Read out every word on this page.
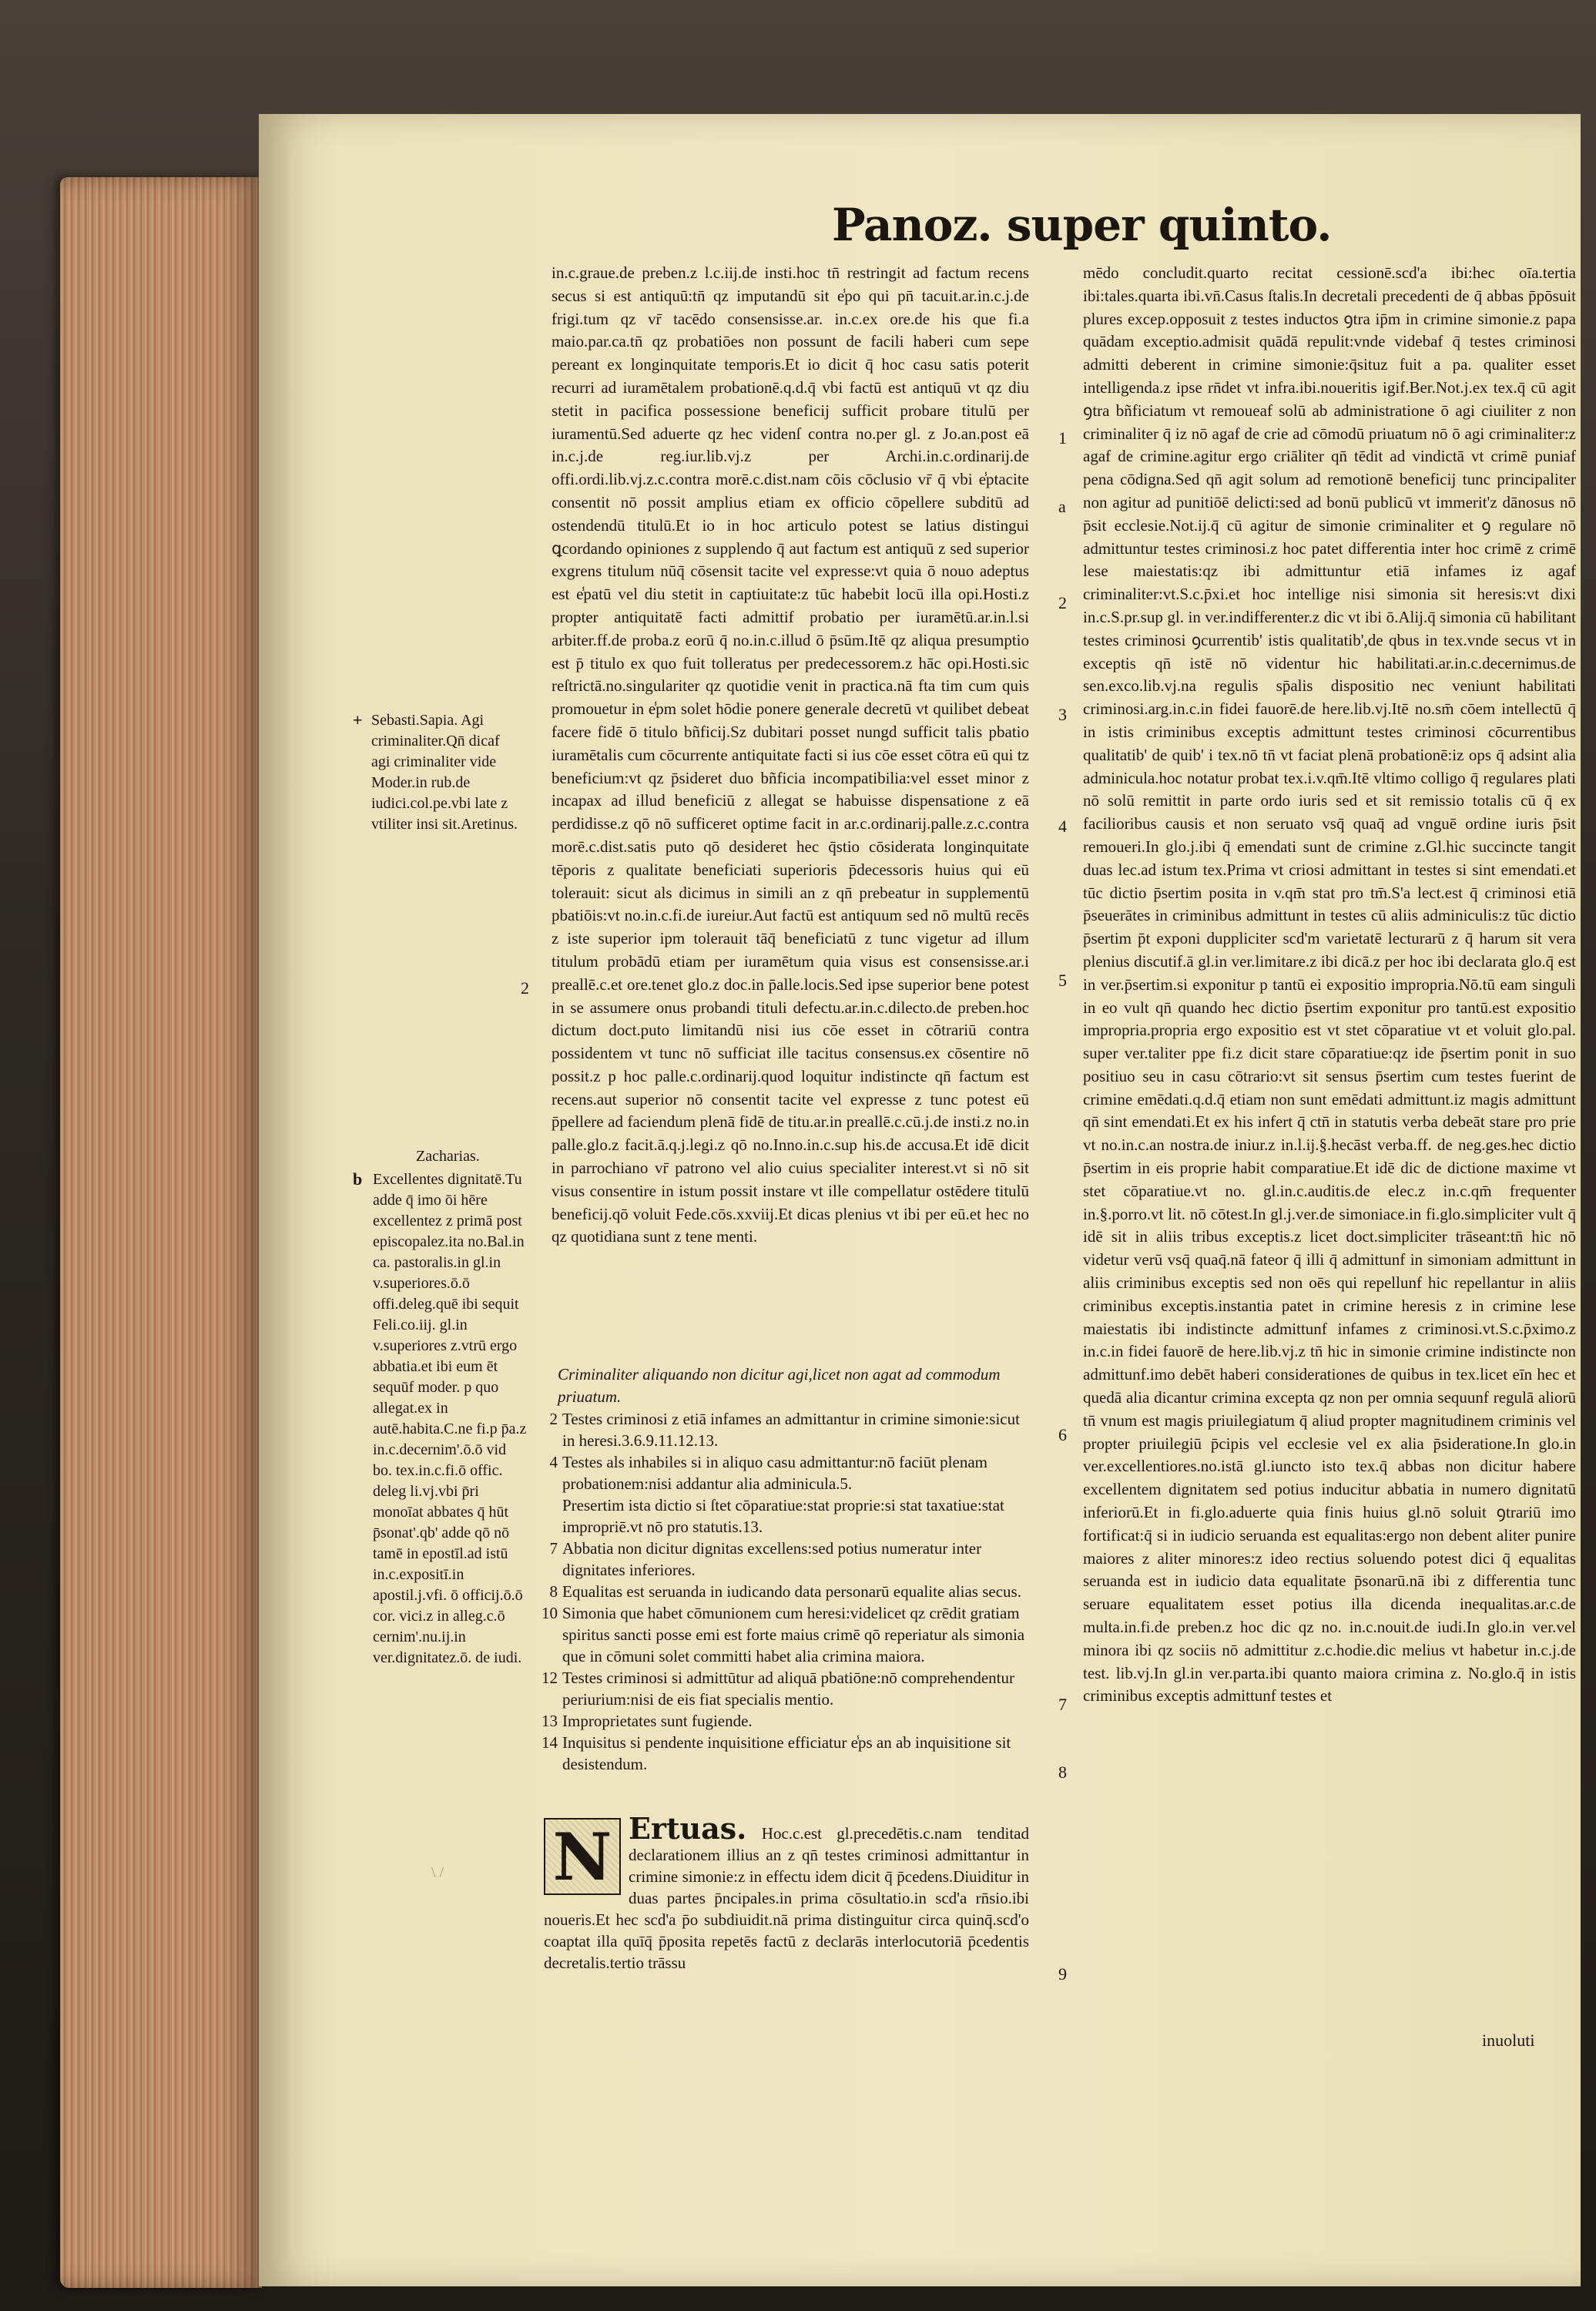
Panoz. super quinto.

in.c.graue.de preben.z l.c.iij.de insti.hoc tn̄ restringit ad factum recens secus si est antiquū:tn̄ qz imputandū sit e̾po qui pn̄ tacuit.ar.in.c.j.de frigi.tum qz vr̄ tacēdo consensisse.ar. in.c.ex ore.de his que fi.a maio.par.ca.tn̄ qz probatiōes non possunt de facili haberi cum sepe pereant ex longinquitate temporis.Et io dicit q̄ hoc casu satis poterit recurri ad iuramētalem probationē.q.d.q̄ vbi factū est antiquū vt qz diu stetit in pacifica possessione beneficij sufficit probare titulū per iuramentū.Sed aduerte qz hec videnſ contra no.per gl. z Jo.an.post eā in.c.j.de reg.iur.lib.vj.z per Archi.in.c.ordinarij.de offi.ordi.lib.vj.z.c.contra morē.c.dist.nam cōis cōclusio vr̄ q̄ vbi e̾ptacite consentit nō possit amplius etiam ex officio cōpellere subditū ad ostendendū titulū.Et io in hoc articulo potest se latius distingui ꝗcordando opiniones z supplendo q̄ aut factum est antiquū z sed superior exgrens titulum nūq̄ cōsensit tacite vel expresse:vt quia ō nouo adeptus est e̾patū vel diu stetit in captiuitate:z tūc habebit locū illa opi.Hosti.z propter antiquitatē facti admittif probatio per iuramētū.ar.in.l.si arbiter.ff.de proba.z eorū q̄ no.in.c.illud ō p̄sūm.Itē qz aliqua presumptio est p̄ titulo ex quo fuit tolleratus per predecessorem.z hāc opi.Hosti.sic reſtrictā.no.singulariter qz quotidie venit in practica.nā fta tim cum quis promouetur in e̾pm solet hōdie ponere generale decretū vt quilibet debeat facere fidē ō titulo bñficij.Sz dubitari posset nungd sufficit talis pbatio iuramētalis cum cōcurrente antiquitate facti si ius cōe esset cōtra eū qui tz beneficium:vt qz p̄sideret duo bñficia incompatibilia:vel esset minor z incapax ad illud beneficiū z allegat se habuisse dispensatione z eā perdidisse.z qō nō sufficeret optime facit in ar.c.ordinarij.palle.z.c.contra morē.c.dist.satis puto qō desideret hec q̄stio cōsiderata longinquitate tēporis z qualitate beneficiati superioris p̄decessoris huius qui eū tolerauit: sicut als dicimus in simili an z qn̄ prebeatur in supplementū pbatiōis:vt no.in.c.fi.de iureiur.Aut factū est antiquum sed nō multū recēs z iste superior ipm tolerauit tāq̄ beneficiatū z tunc vigetur ad illum titulum probādū etiam per iuramētum quia visus est consensisse.ar.i preallē.c.et ore.tenet glo.z doc.in p̄alle.locis.Sed ipse superior bene potest in se assumere onus probandi tituli defectu.ar.in.c.dilecto.de preben.hoc dictum doct.puto limitandū nisi ius cōe esset in cōtrariū contra possidentem vt tunc nō sufficiat ille tacitus consensus.ex cōsentire nō possit.z p hoc palle.c.ordinarij.quod loquitur indistincte qn̄ factum est recens.aut superior nō consentit tacite vel expresse z tunc potest eū p̄pellere ad faciendum plenā fidē de titu.ar.in preallē.c.cū.j.de insti.z no.in palle.glo.z facit.ā.q.j.legi.z qō no.Inno.in.c.sup his.de accusa.Et idē dicit in parrochiano vr̄ patrono vel alio cuius specialiter interest.vt si nō sit visus consentire in istum possit instare vt ille compellatur ostēdere titulū beneficij.qō voluit Fede.cōs.xxviij.Et dicas plenius vt ibi per eū.et hec no qz quotidiana sunt z tene menti.

Criminaliter aliquando non dicitur agi,licet non agat ad commodum priuatum.
2 Testes criminosi z etiā infames an admittantur in crimine simonie:sicut in heresi.3.6.9.11.12.13.
4 Testes als inhabiles si in aliquo casu admittantur:nō faciūt plenam probationem:nisi addantur alia adminicula.5.
Presertim ista dictio si ſtet cōparatiue:stat proprie:si stat taxatiue:stat impropriē.vt nō pro statutis.13.
7 Abbatia non dicitur dignitas excellens:sed potius numeratur inter dignitates inferiores.
8 Equalitas est seruanda in iudicando data personarū equalite alias secus.
10 Simonia que habet cōmunionem cum heresi:videlicet qz crēdit gratiam spiritus sancti posse emi est forte maius crimē qō reperiatur als simonia que in cōmuni solet committi habet alia crimina maiora.
12 Testes criminosi si admittūtur ad aliquā pbatiōne:nō comprehendentur periurium:nisi de eis fiat specialis mentio.
13 Improprietates sunt fugiende.
14 Inquisitus si pendente inquisitione efficiatur e̾ps an ab inquisitione sit desistendum.
N Ertuas. Hoc.c.est gl.precedētis.c.nam tenditad declarationem illius an z qn̄ testes criminosi admittantur in crimine simonie:z in effectu idem dicit q̄ p̄cedens.Diuiditur in duas partes p̄ncipales.in prima cōsultatio.in scd'a rn̄sio.ibi noueris.Et hec scd'a p̄o subdiuidit.nā prima distinguitur circa quinq̄.scd'o coaptat illa quīq̄ p̄posita repetēs factū z declarās interlocutoriā p̄cedentis decretalis.tertio trāssu

mēdo concludit.quarto recitat cessionē.scd'a ibi:hec oīa.tertia ibi:tales.quarta ibi.vn̄.Casus ſtalis.In decretali precedenti de q̄ abbas p̄pōsuit plures excep.opposuit z testes inductos ꝯtra ip̄m in crimine simonie.z papa quādam exceptio.admisit quādā repulit:vnde videbaf q̄ testes criminosi admitti deberent in crimine simonie:q̄situz fuit a pa. qualiter esset intelligenda.z ipse rn̄det vt infra.ibi.noueritis igif.Ber.Not.j.ex tex.q̄ cū agit ꝯtra bñficiatum vt remoueaf solū ab administratione ō agi ciuiliter z non criminaliter q̄ iz nō agaf de crie ad cōmodū priuatum nō ō agi criminaliter:z agaf de crimine.agitur ergo criāliter qn̄ tēdit ad vindictā vt crimē puniaf pena cōdigna.Sed qn̄ agit solum ad remotionē beneficij tunc principaliter non agitur ad punitiōē delicti:sed ad bonū publicū vt immerit'z dānosus nō p̄sit ecclesie.Not.ij.q̄ cū agitur de simonie criminaliter et ꝯ regulare nō admittuntur testes criminosi.z hoc patet differentia inter hoc crimē z crimē lese maiestatis:qz ibi admittuntur etiā infames iz agaf criminaliter:vt.S.c.p̄xi.et hoc intellige nisi simonia sit heresis:vt dixi in.c.S.pr.sup gl. in ver.indifferenter.z dic vt ibi ō.Alij.q̄ simonia cū habilitant testes criminosi ꝯcurrentib' istis qualitatib',de qbus in tex.vnde secus vt in exceptis qn̄ istē nō videntur hic habilitati.ar.in.c.decernimus.de sen.exco.lib.vj.na regulis sp̄alis dispositio nec veniunt habilitati criminosi.arg.in.c.in fidei fauorē.de here.lib.vj.Itē no.sm̄ cōem intellectū q̄ in istis criminibus exceptis admittunt testes criminosi cōcurrentibus qualitatib' de quib' i tex.nō tn̄ vt faciat plenā probationē:iz ops q̄ adsint alia adminicula.hoc notatur probat tex.i.v.qm̄.Itē vltimo colligo q̄ regulares plati nō solū remittit in parte ordo iuris sed et sit remissio totalis cū q̄ ex facilioribus causis et non seruato vsq̄ quaq̄ ad vnguē ordine iuris p̄sit remoueri.In glo.j.ibi q̄ emendati sunt de crimine z.Gl.hic succincte tangit duas lec.ad istum tex.Prima vt criosi admittant in testes si sint emendati.et tūc dictio p̄sertim posita in v.qm̄ stat pro tm̄.S'a lect.est q̄ criminosi etiā p̄seuerātes in criminibus admittunt in testes cū aliis adminiculis:z tūc dictio p̄sertim p̄t exponi duppliciter scd'm varietatē lecturarū z q̄ harum sit vera plenius discutif.ā gl.in ver.limitare.z ibi dicā.z per hoc ibi declarata glo.q̄ est in ver.p̄sertim.si exponitur p tantū ei expositio impropria.Nō.tū eam singuli in eo vult qn̄ quando hec dictio p̄sertim exponitur pro tantū.est expositio impropria.propria ergo expositio est vt stet cōparatiue vt et voluit glo.pal. super ver.taliter ppe fi.z dicit stare cōparatiue:qz ide p̄sertim ponit in suo positiuo seu in casu cōtrario:vt sit sensus p̄sertim cum testes fuerint de crimine emēdati.q.d.q̄ etiam non sunt emēdati admittunt.iz magis admittunt qn̄ sint emendati.Et ex his infert q̄ ctn̄ in statutis verba debeāt stare pro prie vt no.in.c.an nostra.de iniur.z in.l.ij.§.hecāst verba.ff. de neg.ges.hec dictio p̄sertim in eis proprie habit comparatiue.Et idē dic de dictione maxime vt stet cōparatiue.vt no. gl.in.c.auditis.de elec.z in.c.qm̄ frequenter in.§.porro.vt lit. nō cōtest.In gl.j.ver.de simoniace.in fi.glo.simpliciter vult q̄ idē sit in aliis tribus exceptis.z licet doct.simpliciter trāseant:tn̄ hic nō videtur verū vsq̄ quaq̄.nā fateor q̄ illi q̄ admittunf in simoniam admittunt in aliis criminibus exceptis sed non oēs qui repellunf hic repellantur in aliis criminibus exceptis.instantia patet in crimine heresis z in crimine lese maiestatis ibi indistincte admittunf infames z criminosi.vt.S.c.p̄ximo.z in.c.in fidei fauorē de here.lib.vj.z tn̄ hic in simonie crimine indistincte non admittunf.imo debēt haberi considerationes de quibus in tex.licet eīn hec et quedā alia dicantur crimina excepta qz non per omnia sequunf regulā aliorū tn̄ vnum est magis priuilegiatum q̄ aliud propter magnitudinem criminis vel propter priuilegiū p̄cipis vel ecclesie vel ex alia p̄sideratione.In glo.in ver.excellentiores.no.istā gl.iuncto isto tex.q̄ abbas non dicitur habere excellentem dignitatem sed potius inducitur abbatia in numero dignitatū inferiorū.Et in fi.glo.aduerte quia finis huius gl.nō soluit ꝯtrariū imo fortificat:q̄ si in iudicio seruanda est equalitas:ergo non debent aliter punire maiores z aliter minores:z ideo rectius soluendo potest dici q̄ equalitas seruanda est in iudicio data equalitate p̄sonarū.nā ibi z differentia tunc seruare equalitatem esset potius illa dicenda inequalitas.ar.c.de multa.in.fi.de preben.z hoc dic qz no. in.c.nouit.de iudi.In glo.in ver.vel minora ibi qz sociis nō admittitur z.c.hodie.dic melius vt habetur in.c.j.de test. lib.vj.In gl.in ver.parta.ibi quanto maiora crimina z. No.glo.q̄ in istis criminibus exceptis admittunf testes et

inuoluti
+ Sebasti.Sapia. Agi criminaliter.Qn̄ dicaf agi criminaliter vide Moder.in rub.de iudici.col.pe.vbi late z vtiliter insi sit.Aretinus.
Zacharias.
b Excellentes dignitatē.Tu adde q̄ imo ōi hēre excellentez z primā post episcopalez.ita no.Bal.in ca. pastoralis.in gl.in v.superiores.ō.ō offi.deleg.quē ibi sequit Feli.co.iij. gl.in v.superiores z.vtrū ergo abbatia.et ibi eum ēt sequūf moder. p quo allegat.ex in autē.habita.C.ne fi.p p̄a.z in.c.decernim'.ō.ō vid bo. tex.in.c.fi.ō offic. deleg li.vj.vbi p̄ri monoīat abbates q̄ hūt p̄sonat'.qb' adde qō nō tamē in epostīl.ad istū in.c.expositī.in apostil.j.vfi. ō officij.ō.ō cor. vici.z in alleg.c.ō cernim'.nu.ij.in ver.dignitatez.ō. de iudi.
2
1
a
2
3
4
5
6
7
8
9
\ /
